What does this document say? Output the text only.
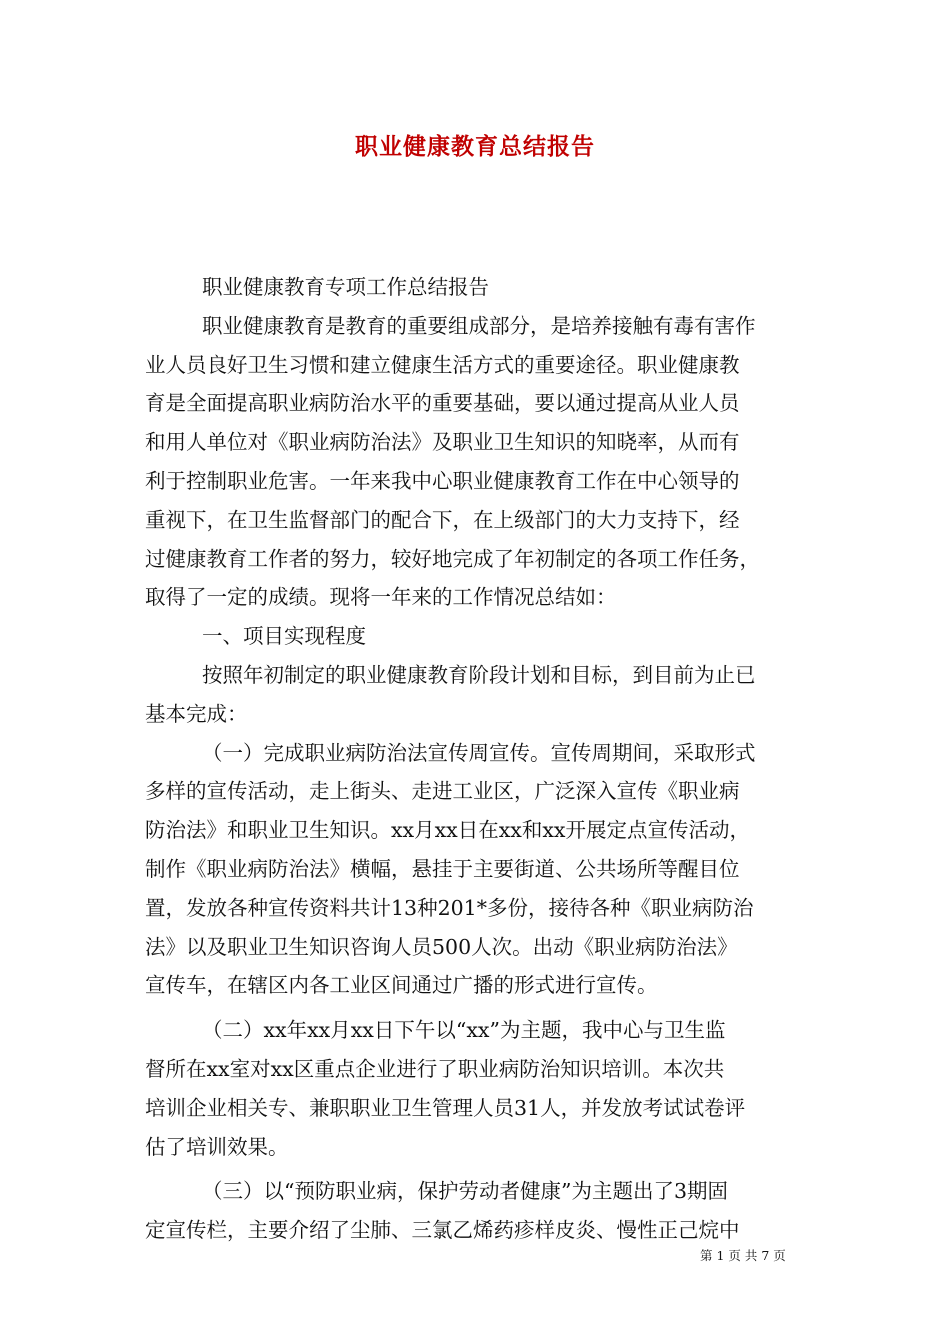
职业健康教育总结报告
职业健康教育专项工作总结报告
职业健康教育是教育的重要组成部分，是培养接触有毒有害作
业人员良好卫生习惯和建立健康生活方式的重要途径。职业健康教
育是全面提高职业病防治水平的重要基础，要以通过提高从业人员
和用人单位对《职业病防治法》及职业卫生知识的知晓率，从而有
利于控制职业危害。一年来我中心职业健康教育工作在中心领导的
重视下，在卫生监督部门的配合下，在上级部门的大力支持下，经
过健康教育工作者的努力，较好地完成了年初制定的各项工作任务，
取得了一定的成绩。现将一年来的工作情况总结如：
一、项目实现程度
按照年初制定的职业健康教育阶段计划和目标，到目前为止已
基本完成：
（一）完成职业病防治法宣传周宣传。宣传周期间，采取形式
多样的宣传活动，走上街头、走进工业区，广泛深入宣传《职业病
防治法》和职业卫生知识。xx月xx日在xx和xx开展定点宣传活动，
制作《职业病防治法》横幅，悬挂于主要街道、公共场所等醒目位
置，发放各种宣传资料共计13种201*多份，接待各种《职业病防治
法》以及职业卫生知识咨询人员500人次。出动《职业病防治法》
宣传车，在辖区内各工业区间通过广播的形式进行宣传。
（二）xx年xx月xx日下午以“xx”为主题，我中心与卫生监
督所在xx室对xx区重点企业进行了职业病防治知识培训。本次共
培训企业相关专、兼职职业卫生管理人员31人，并发放考试试卷评
估了培训效果。
（三）以“预防职业病，保护劳动者健康”为主题出了3期固
定宣传栏，主要介绍了尘肺、三氯乙烯药疹样皮炎、慢性正己烷中
第 1 页 共 7 页
